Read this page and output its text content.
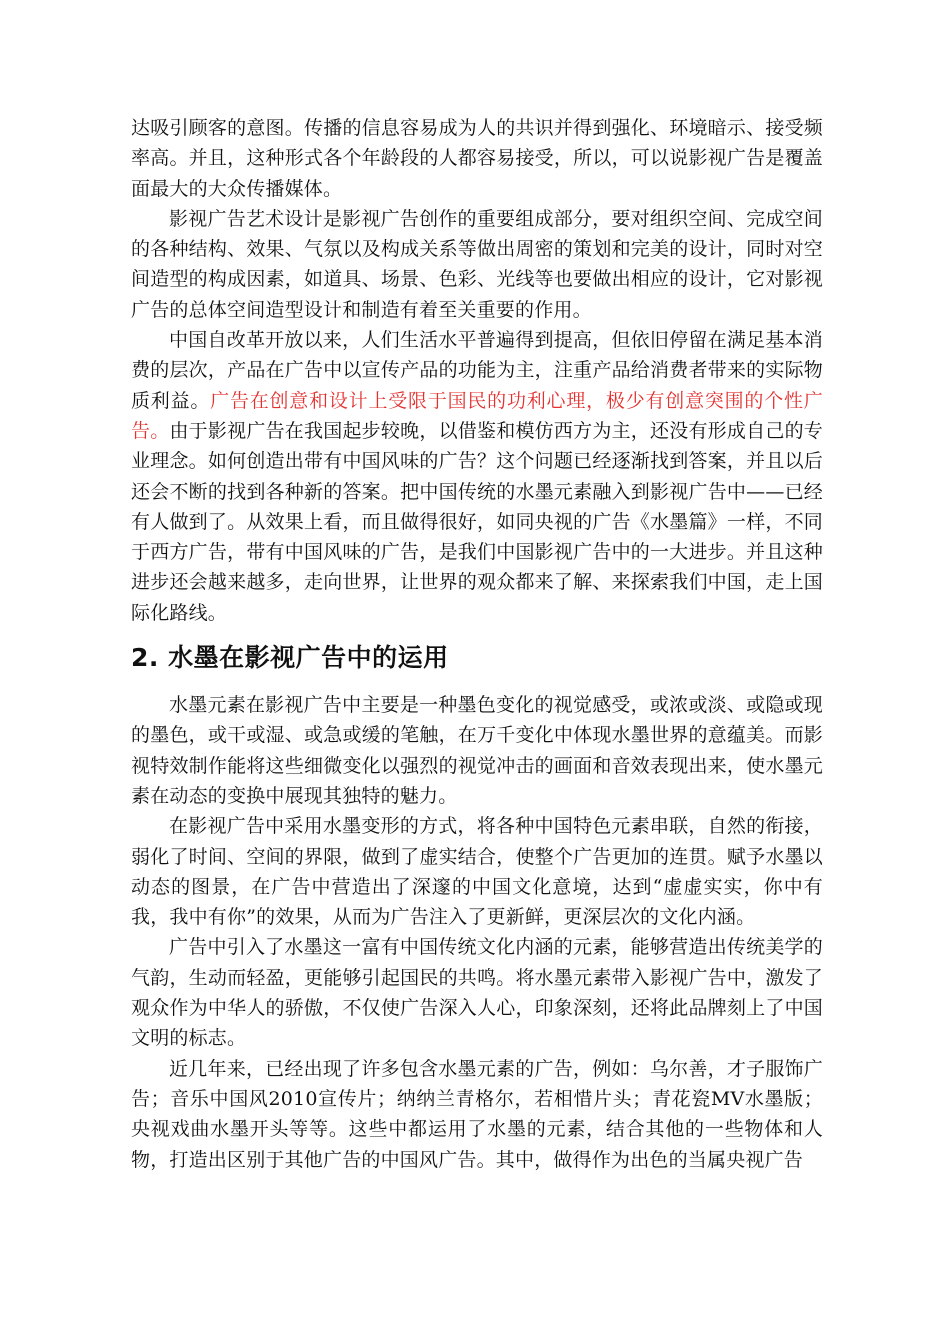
达吸引顾客的意图。传播的信息容易成为人的共识并得到强化、环境暗示、接受频率高。并且，这种形式各个年龄段的人都容易接受，所以，可以说影视广告是覆盖面最大的大众传播媒体。

影视广告艺术设计是影视广告创作的重要组成部分，要对组织空间、完成空间的各种结构、效果、气氛以及构成关系等做出周密的策划和完美的设计，同时对空间造型的构成因素，如道具、场景、色彩、光线等也要做出相应的设计，它对影视广告的总体空间造型设计和制造有着至关重要的作用。

中国自改革开放以来，人们生活水平普遍得到提高，但依旧停留在满足基本消费的层次，产品在广告中以宣传产品的功能为主，注重产品给消费者带来的实际物质利益。广告在创意和设计上受限于国民的功利心理，极少有创意突围的个性广告。由于影视广告在我国起步较晚，以借鉴和模仿西方为主，还没有形成自己的专业理念。如何创造出带有中国风味的广告？这个问题已经逐渐找到答案，并且以后还会不断的找到各种新的答案。把中国传统的水墨元素融入到影视广告中——已经有人做到了。从效果上看，而且做得很好，如同央视的广告《水墨篇》一样，不同于西方广告，带有中国风味的广告，是我们中国影视广告中的一大进步。并且这种进步还会越来越多，走向世界，让世界的观众都来了解、来探索我们中国，走上国际化路线。

2. 水墨在影视广告中的运用

水墨元素在影视广告中主要是一种墨色变化的视觉感受，或浓或淡、或隐或现的墨色，或干或湿、或急或缓的笔触，在万千变化中体现水墨世界的意蕴美。而影视特效制作能将这些细微变化以强烈的视觉冲击的画面和音效表现出来，使水墨元素在动态的变换中展现其独特的魅力。

在影视广告中采用水墨变形的方式，将各种中国特色元素串联，自然的衔接，弱化了时间、空间的界限，做到了虚实结合，使整个广告更加的连贯。赋予水墨以动态的图景，在广告中营造出了深邃的中国文化意境，达到“虚虚实实，你中有我，我中有你”的效果，从而为广告注入了更新鲜，更深层次的文化内涵。

广告中引入了水墨这一富有中国传统文化内涵的元素，能够营造出传统美学的气韵，生动而轻盈，更能够引起国民的共鸣。将水墨元素带入影视广告中，激发了观众作为中华人的骄傲，不仅使广告深入人心，印象深刻，还将此品牌刻上了中国文明的标志。

近几年来，已经出现了许多包含水墨元素的广告，例如：乌尔善，才子服饰广告；音乐中国风2010宣传片；纳纳兰青格尔，若相惜片头；青花瓷MV水墨版；央视戏曲水墨开头等等。这些中都运用了水墨的元素，结合其他的一些物体和人物，打造出区别于其他广告的中国风广告。其中，做得作为出色的当属央视广告
